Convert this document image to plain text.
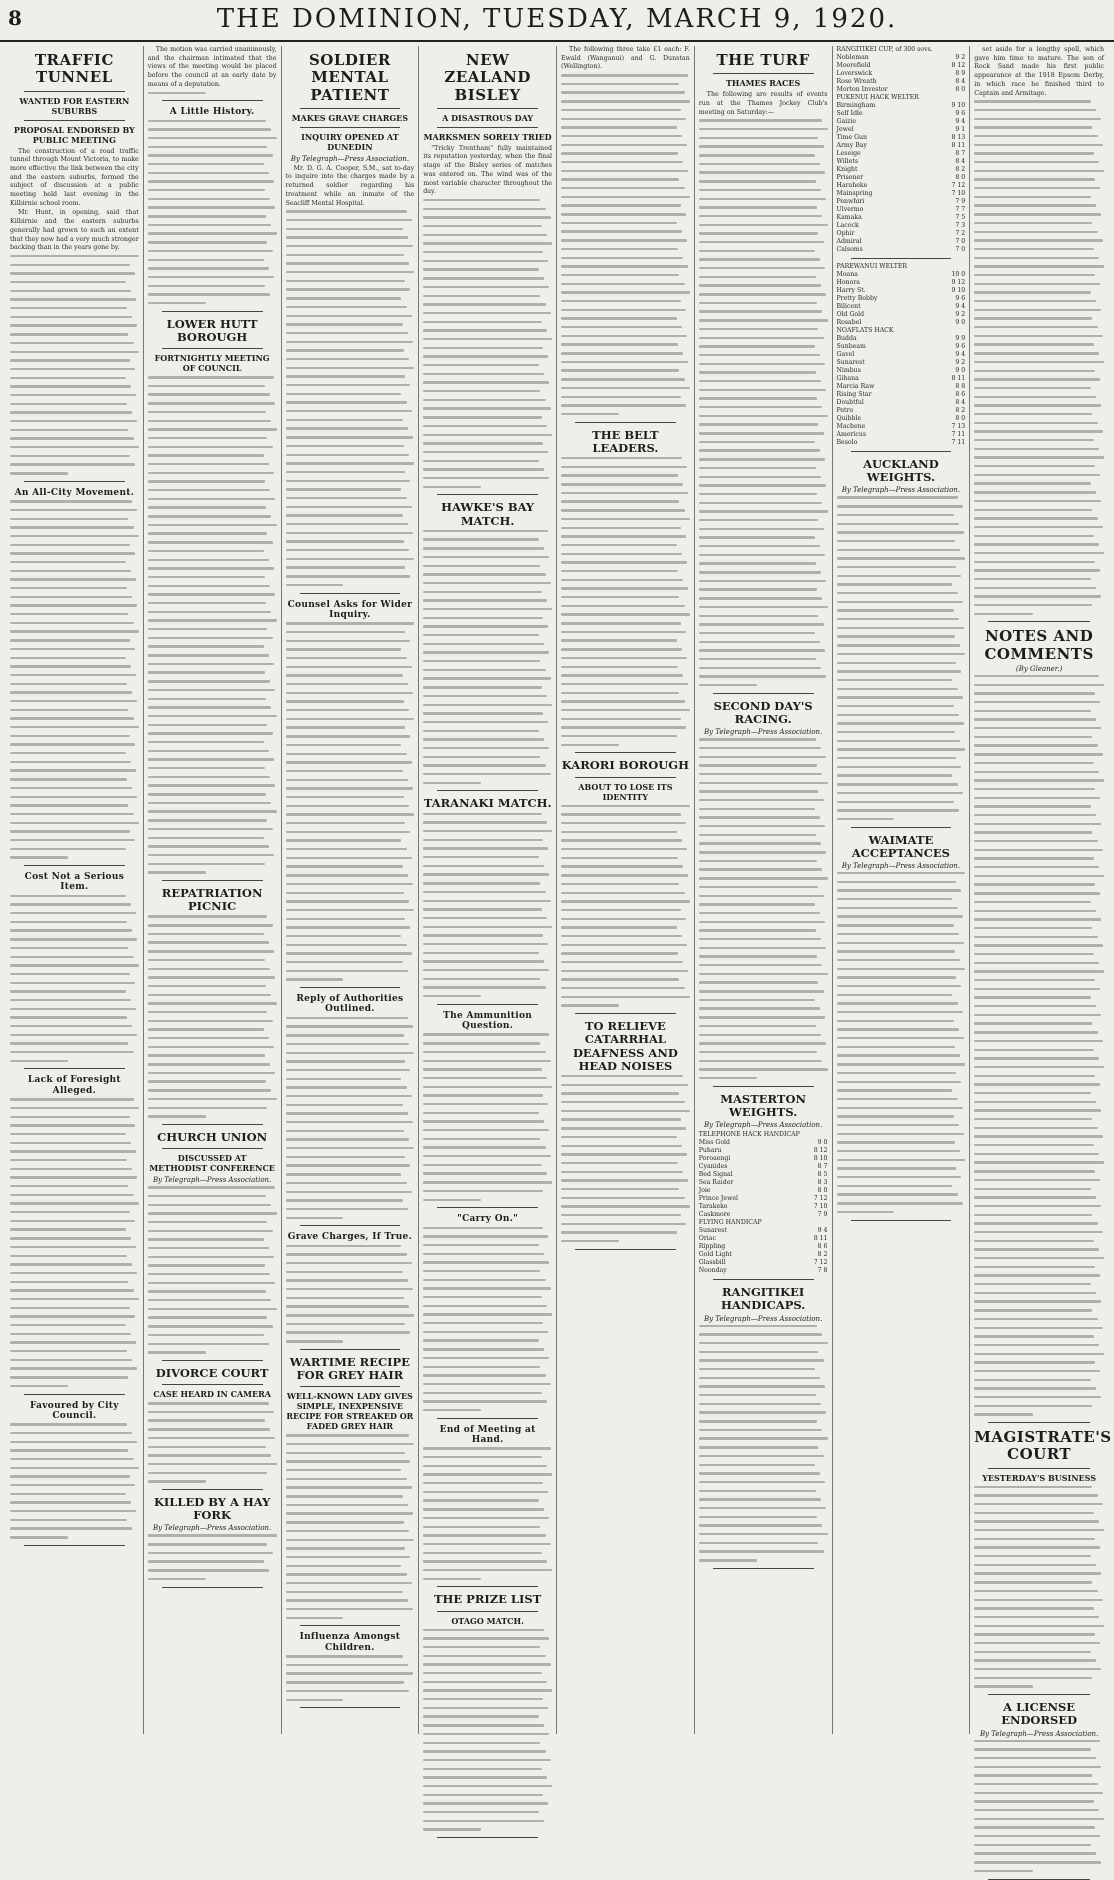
8	THE DOMINION, TUESDAY, MARCH 9, 1920.
TRAFFIC TUNNEL
WANTED FOR EASTERN SUBURBS
PROPOSAL ENDORSED BY PUBLIC MEETING

The construction of a road traffic tunnel through Mount Victoria, to make more effective the link between the city and the eastern suburbs, formed the subject of discussion at a public meeting held last evening in the Kilbirnie school room.

Mr. Hunt, in opening, said that Kilbirnie and the eastern suburbs generally had grown to such an extent that they now had a very much stronger backing than in the years gone by.

An All-City Movement.
Cost Not a Serious Item.
Lack of Foresight Alleged.
Favoured by City Council.

The motion was carried unanimously, and the chairman intimated that the views of the meeting would be placed before the council at an early date by means of a deputation.

A Little History.
LOWER HUTT BOROUGH
FORTNIGHTLY MEETING OF COUNCIL
REPATRIATION PICNIC
CHURCH UNION
DISCUSSED AT METHODIST CONFERENCE
By Telegraph—Press Association.
DIVORCE COURT
CASE HEARD IN CAMERA
KILLED BY A HAY FORK
By Telegraph—Press Association.
SOLDIER MENTAL PATIENT
MAKES GRAVE CHARGES
INQUIRY OPENED AT DUNEDIN
By Telegraph—Press Association.

Mr. D. G. A. Cooper, S.M., sat to-day to inquire into the charges made by a returned soldier regarding his treatment while an inmate of the Seacliff Mental Hospital.

Counsel Asks for Wider Inquiry.
Reply of Authorities Outlined.
Grave Charges, If True.
WARTIME RECIPE FOR GREY HAIR
WELL-KNOWN LADY GIVES SIMPLE, INEXPENSIVE RECIPE FOR STREAKED OR FADED GREY HAIR
Influenza Amongst Children.
NEW ZEALAND BISLEY
A DISASTROUS DAY
MARKSMEN SORELY TRIED

"Tricky Trentham" fully maintained its reputation yesterday, when the final stage of the Bisley series of matches was entered on. The wind was of the most variable character throughout the day.

HAWKE'S BAY MATCH.
TARANAKI MATCH.
The Ammunition Question.
"Carry On."
End of Meeting at Hand.
THE PRIZE LIST
OTAGO MATCH.

The following three take £1 each: F. Ewald (Wanganui) and G. Dunstan (Wellington).

THE BELT LEADERS.
KARORI BOROUGH
ABOUT TO LOSE ITS IDENTITY
TO RELIEVE CATARRHAL DEAFNESS AND HEAD NOISES
THE TURF
THAMES RACES

The following are results of events run at the Thames Jockey Club's meeting on Saturday:—

SECOND DAY'S RACING.
By Telegraph—Press Association.
MASTERTON WEIGHTS.
By Telegraph—Press Association.
TELEPHONE HACK HANDICAP
Miss Gold	9 0
Puharu	8 12
Poroaengi	8 10
Cyanides	8 7
Bed Signal	8 5
Sea Raider	8 3
Joie	8 0
Prince Jewel	7 12
Tarakeke	7 10
Caskmore	7 9
FLYING HANDICAP
Sunarest	9 4
Oriac	8 11
Rippling	8 6
Gold Light	8 2
Glassbill	7 12
Noonday	7 8
RANGITIKEI HANDICAPS.
By Telegraph—Press Association.
RANGITIKEI CUP, of 300 sovs.
Nobleman	9 2
Moorefield	8 12
Loverswick	8 9
Rose Wreath	8 4
Morton Investor	8 0
PUKENUI HACK WELTER
Birmingham	9 10
Self Idle	9 6
Gaizie	9 4
Jewel	9 1
Time Gun	8 13
Army Bay	8 11
Leseige	8 7
Willets	8 4
Knight	8 2
Prisoner	8 0
Haraheke	7 12
Mainspring	7 10
Penwhiri	7 9
Ulvermo	7 7
Kamaka	7 5
Lacock	7 3
Ophir	7 2
Admiral	7 0
Calsoms	7 0
PAREWANUI WELTER
Moana	10 0
Honora	9 12
Harry St.	9 10
Pretty Bobby	9 6
Bilicent	9 4
Old Gold	9 2
Rosabel	9 0
NOAFLATS HACK
Budda	9 9
Sunbeam	9 6
Gavel	9 4
Sunarest	9 2
Nimbus	9 0
Gihana	8 11
Marcia Raw	8 8
Rising Star	8 6
Doubtful	8 4
Petro	8 2
Quibble	8 0
Machene	7 13
Americus	7 11
Besolo	7 11
AUCKLAND WEIGHTS.
By Telegraph—Press Association.
WAIMATE ACCEPTANCES
By Telegraph—Press Association.

set aside for a lengthy spell, which gave him time to mature. The son of Rock Sand made his first public appearance at the 1918 Epsom Derby, in which race he finished third to Captain and Armitage.

NOTES AND COMMENTS
(By Gleaner.)
MAGISTRATE'S COURT
YESTERDAY'S BUSINESS
A LICENSE ENDORSED
By Telegraph—Press Association.
